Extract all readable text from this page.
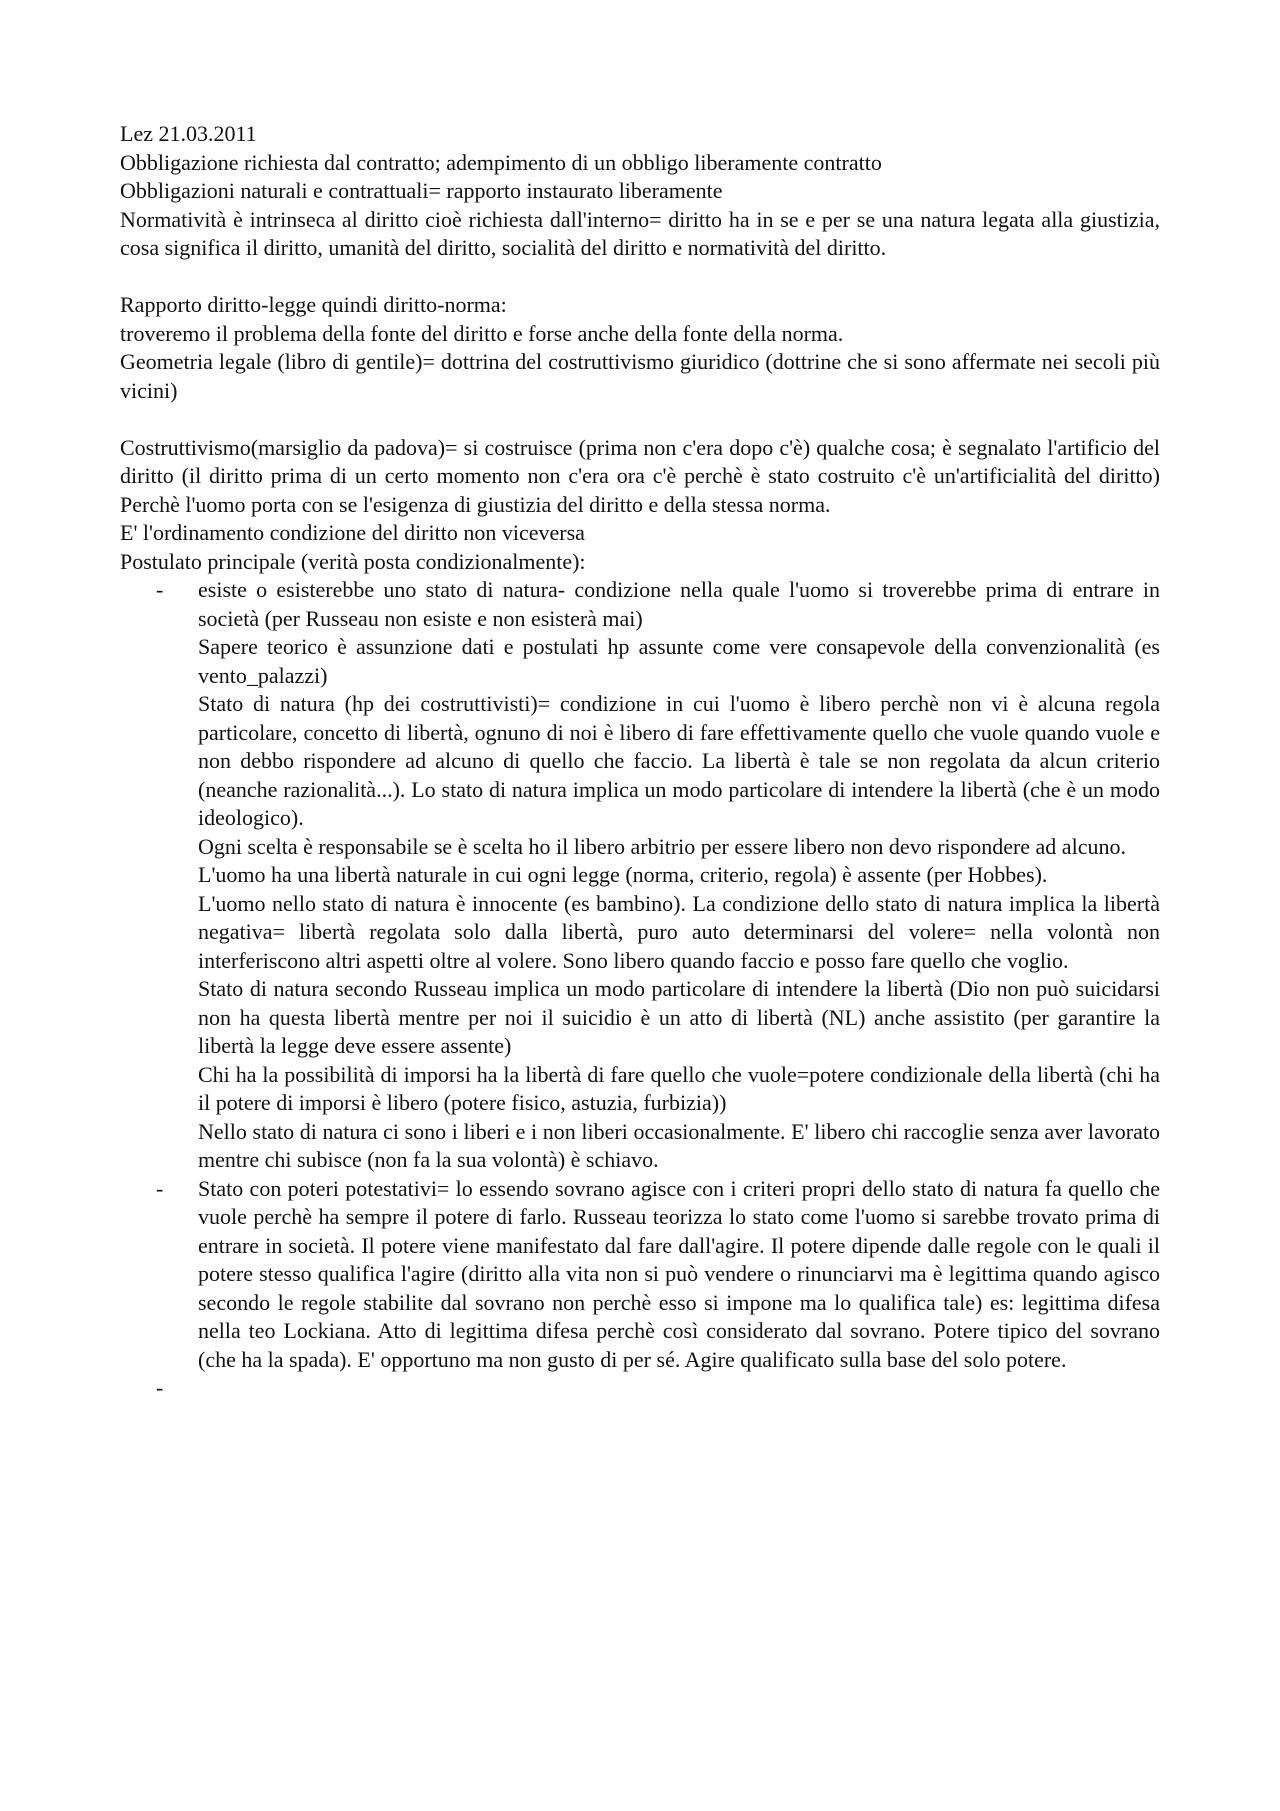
Lez 21.03.2011

Obbligazione richiesta dal contratto; adempimento di un obbligo liberamente contratto

Obbligazioni naturali e contrattuali= rapporto instaurato liberamente

Normatività è intrinseca al diritto cioè richiesta dall'interno= diritto ha in se e per se una natura legata alla giustizia, cosa significa il diritto, umanità del diritto, socialità del diritto e normatività del diritto.

Rapporto diritto-legge quindi diritto-norma:

troveremo il problema della fonte del diritto e forse anche della fonte della norma.

Geometria legale (libro di gentile)= dottrina del costruttivismo giuridico (dottrine che si sono affermate nei secoli più vicini)

Costruttivismo(marsiglio da padova)= si costruisce (prima non c'era dopo c'è) qualche cosa; è segnalato l'artificio del diritto (il diritto prima di un certo momento non c'era ora c'è perchè è stato costruito c'è un'artificialità del diritto) Perchè l'uomo porta con se l'esigenza di giustizia del diritto e della stessa norma.

E' l'ordinamento condizione del diritto non viceversa

Postulato principale (verità posta condizionalmente):

- esiste o esisterebbe uno stato di natura- condizione nella quale l'uomo si troverebbe prima di entrare in società (per Russeau non esiste e non esisterà mai)

Sapere teorico è assunzione dati e postulati hp assunte come vere consapevole della convenzionalità (es vento_palazzi)

Stato di natura (hp dei costruttivisti)= condizione in cui l'uomo è libero perchè non vi è alcuna regola particolare, concetto di libertà, ognuno di noi è libero di fare effettivamente quello che vuole quando vuole e non debbo rispondere ad alcuno di quello che faccio. La libertà è tale se non regolata da alcun criterio (neanche razionalità...). Lo stato di natura implica un modo particolare di intendere la libertà (che è un modo ideologico).

Ogni scelta è responsabile se è scelta ho il libero arbitrio per essere libero non devo rispondere ad alcuno.

L'uomo ha una libertà naturale in cui ogni legge (norma, criterio, regola) è assente (per Hobbes).

L'uomo nello stato di natura è innocente (es bambino). La condizione dello stato di natura implica la libertà negativa= libertà regolata solo dalla libertà, puro auto determinarsi del volere= nella volontà non interferiscono altri aspetti oltre al volere. Sono libero quando faccio e posso fare quello che voglio.

Stato di natura secondo Russeau implica un modo particolare di intendere la libertà (Dio non può suicidarsi non ha questa libertà mentre per noi il suicidio è un atto di libertà (NL) anche assistito (per garantire la libertà la legge deve essere assente)

Chi ha la possibilità di imporsi ha la libertà di fare quello che vuole=potere condizionale della libertà (chi ha il potere di imporsi è libero (potere fisico, astuzia, furbizia))

Nello stato di natura ci sono i liberi e i non liberi occasionalmente. E' libero chi raccoglie senza aver lavorato mentre chi subisce (non fa la sua volontà) è schiavo.

- Stato con poteri potestativi= lo essendo sovrano agisce con i criteri propri dello stato di natura fa quello che vuole perchè ha sempre il potere di farlo. Russeau teorizza lo stato come l'uomo si sarebbe trovato prima di entrare in società. Il potere viene manifestato dal fare dall'agire. Il potere dipende dalle regole con le quali il potere stesso qualifica l'agire (diritto alla vita non si può vendere o rinunciarvi ma è legittima quando agisco secondo le regole stabilite dal sovrano non perchè esso si impone ma lo qualifica tale) es: legittima difesa nella teo Lockiana. Atto di legittima difesa perchè così considerato dal sovrano. Potere tipico del sovrano (che ha la spada). E' opportuno ma non gusto di per sé. Agire qualificato sulla base del solo potere.

-
